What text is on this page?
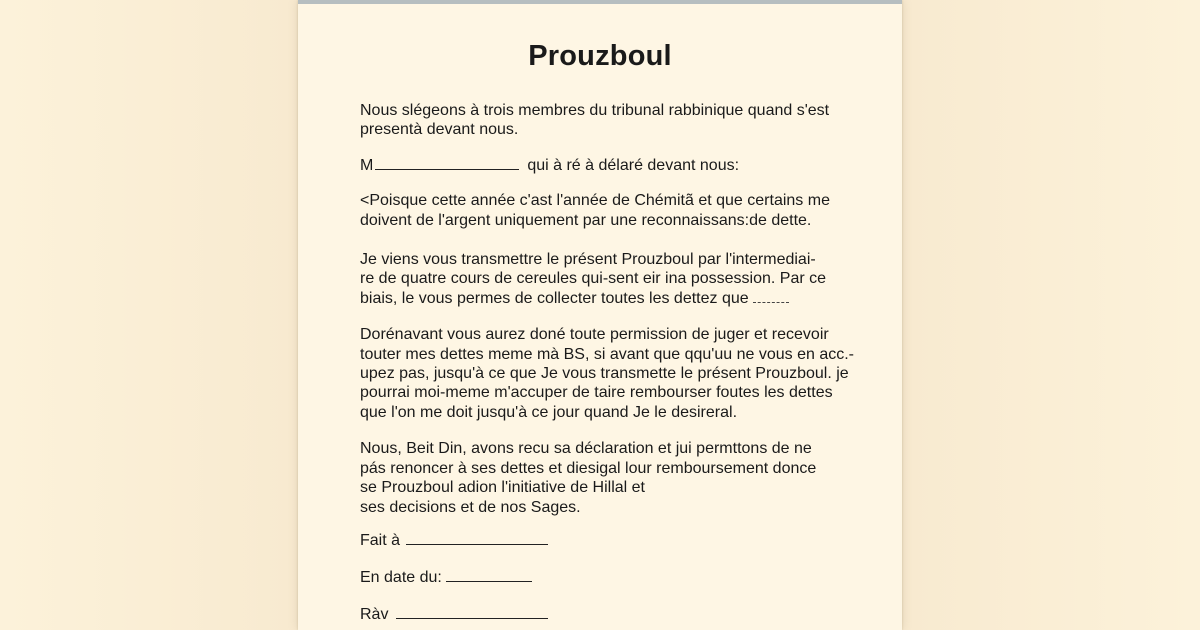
Prouzboul

Nous slégeons à trois membres du tribunal rabbinique quand s'est
presentà devant nous.

M	qui à ré à délaré devant nous:

<Poisque cette année c'ast l'année de Chémitã et que certains me
doivent de l'argent uniquement par une reconnaissans:de dette.

Je viens vous transmettre le présent Prouzboul par l'intermediai-
re de quatre cours de cereules qui-sent eir ina possession. Par ce
biais, le vous permes de collecter toutes les dettez que

Dorénavant vous aurez doné toute permission de juger et recevoir
touter mes dettes meme mà BS, si avant que qqu'uu ne vous en acc.-
upez pas, jusqu'à ce que Je vous transmette le présent Prouzboul. je
pourrai moi-meme m'accuper de taire rembourser foutes les dettes
que l'on me doit jusqu'à ce jour quand Je le desireral.

Nous, Beit Din, avons recu sa déclaration et jui permttons de ne
pás renoncer à ses dettes et diesigal lour remboursement donce
se Prouzboul adion l'initiative de Hillal et
ses decisions et de nos Sages.

Fait à
En date du:
Ràv
